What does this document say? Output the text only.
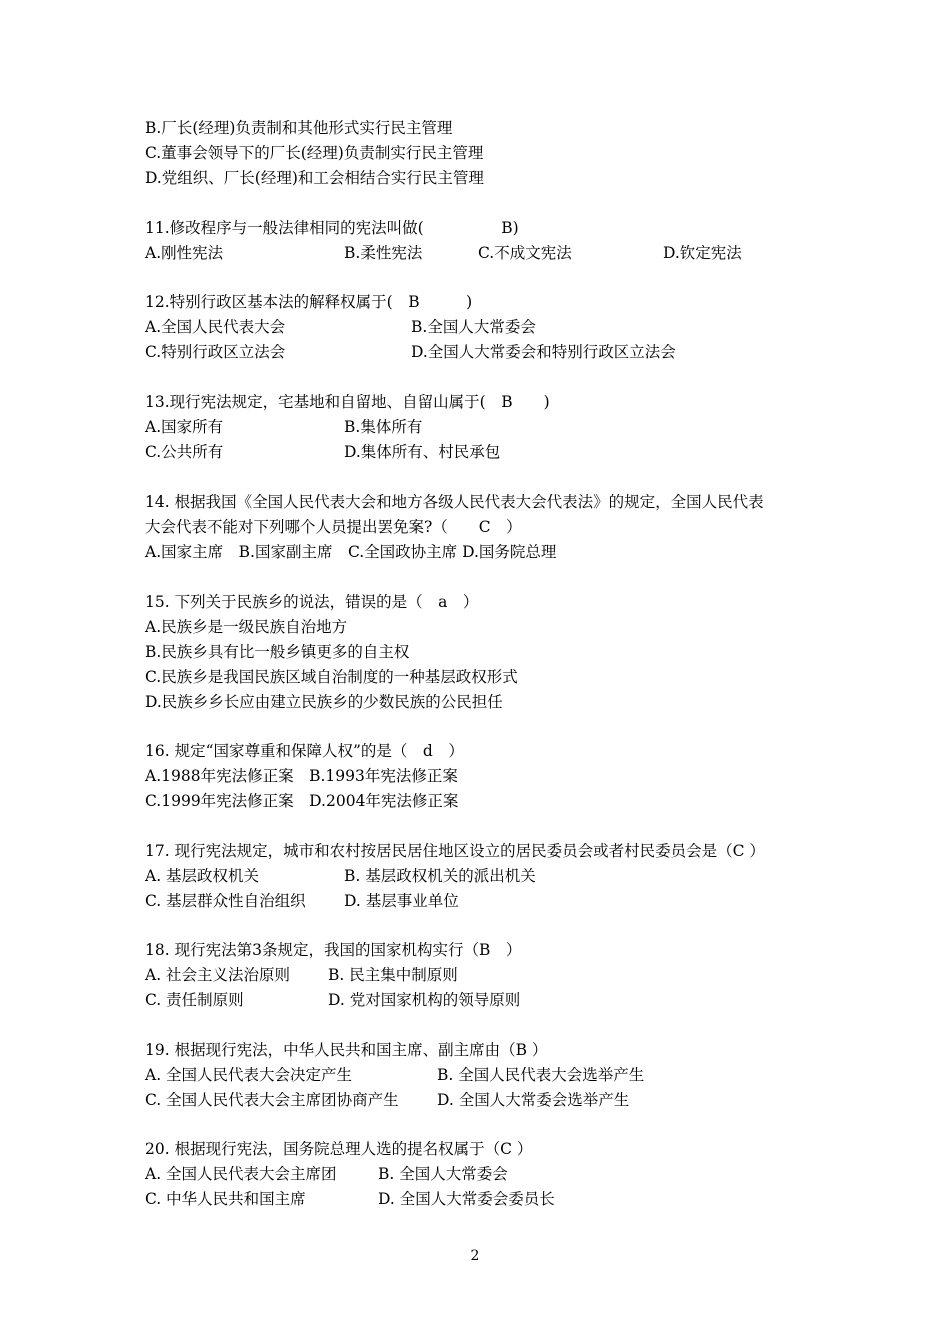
B.厂长(经理)负责制和其他形式实行民主管理
C.董事会领导下的厂长(经理)负责制实行民主管理
D.党组织、厂长(经理)和工会相结合实行民主管理
11.修改程序与一般法律相同的宪法叫做(　　　　　B)
A.刚性宪法	B.柔性宪法	C.不成文宪法	D.钦定宪法
12.特别行政区基本法的解释权属于(　B　　　)
A.全国人民代表大会	B.全国人大常委会
C.特别行政区立法会	D.全国人大常委会和特别行政区立法会
13.现行宪法规定，宅基地和自留地、自留山属于(　B　　)
A.国家所有	B.集体所有
C.公共所有	D.集体所有、村民承包
14. 根据我国《全国人民代表大会和地方各级人民代表大会代表法》的规定，全国人民代表
大会代表不能对下列哪个人员提出罢免案?（　　C　）
A.国家主席　B.国家副主席　C.全国政协主席 D.国务院总理
15. 下列关于民族乡的说法，错误的是（　a　）
A.民族乡是一级民族自治地方
B.民族乡具有比一般乡镇更多的自主权
C.民族乡是我国民族区域自治制度的一种基层政权形式
D.民族乡乡长应由建立民族乡的少数民族的公民担任
16. 规定“国家尊重和保障人权”的是（　d　）
A.1988年宪法修正案　B.1993年宪法修正案
C.1999年宪法修正案　D.2004年宪法修正案
17. 现行宪法规定，城市和农村按居民居住地区设立的居民委员会或者村民委员会是（C ）
A. 基层政权机关	B. 基层政权机关的派出机关
C. 基层群众性自治组织 D. 基层事业单位
18. 现行宪法第3条规定，我国的国家机构实行（B　）
A. 社会主义法治原则 B. 民主集中制原则
C. 责任制原则	D. 党对国家机构的领导原则
19. 根据现行宪法，中华人民共和国主席、副主席由（B ）
A. 全国人民代表大会决定产生	B. 全国人民代表大会选举产生
C. 全国人民代表大会主席团协商产生 D. 全国人大常委会选举产生
20. 根据现行宪法，国务院总理人选的提名权属于（C ）
A. 全国人民代表大会主席团	B. 全国人大常委会
C. 中华人民共和国主席	D. 全国人大常委会委员长
2
